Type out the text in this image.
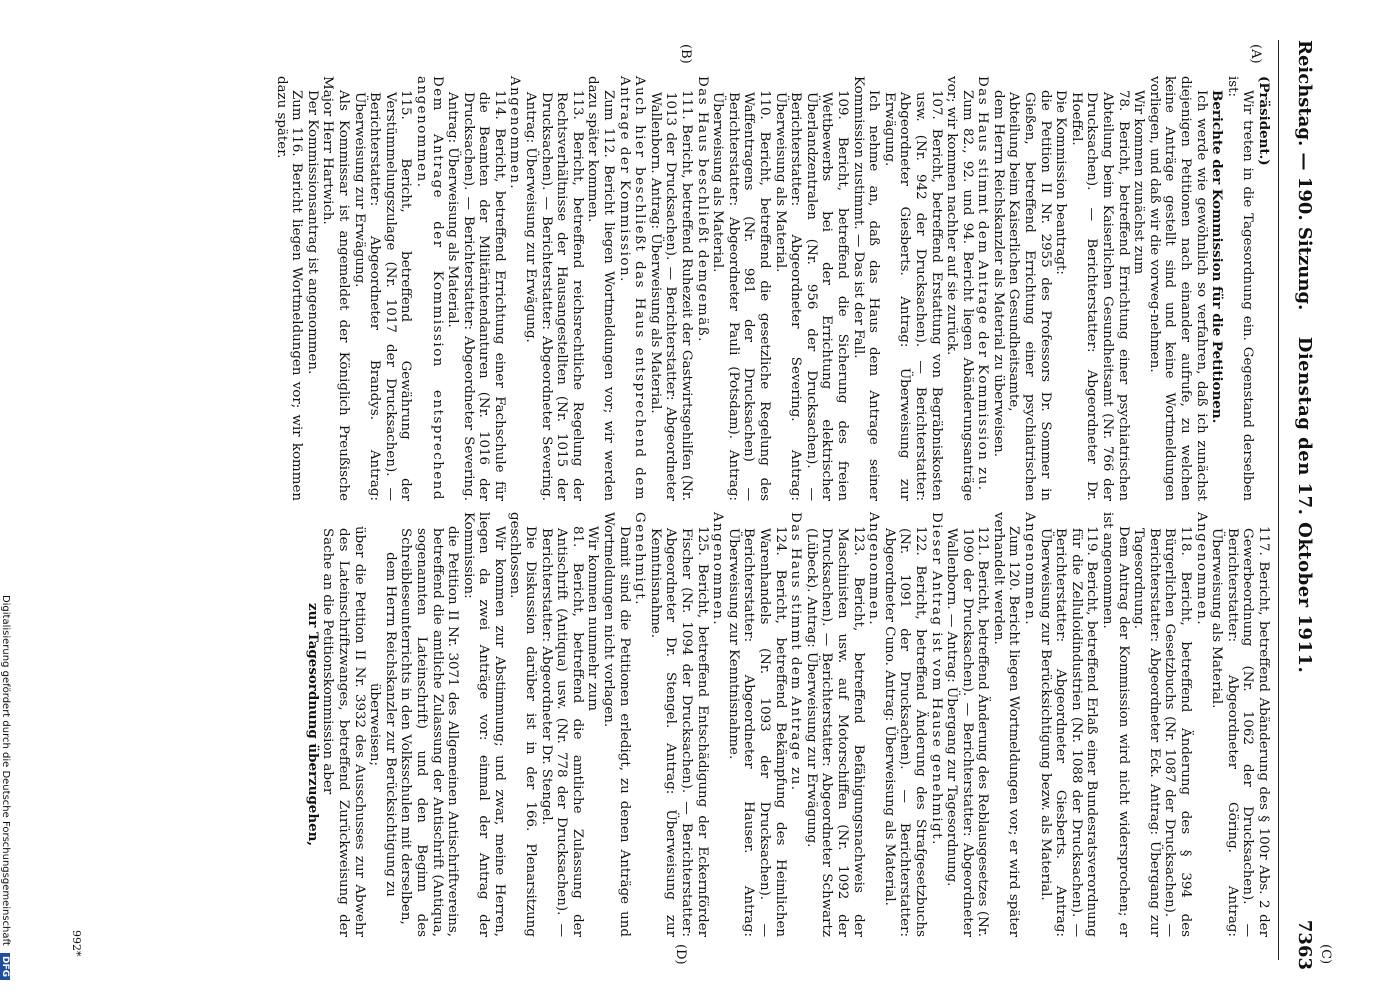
Reichstag. — 190. Sitzung.
Dienstag den 17. Oktober 1911.
7363
(A)
(B)
(C)
(D)

(Präsident.)

Wir treten in die Tagesordnung ein. Gegenstand derselben ist:

Berichte der Kommission für die Petitionen.

Ich werde wie gewöhnlich so verfahren, daß ich zunächst diejenigen Petitionen nach einander aufrufe, zu welchen keine Anträge gestellt sind und keine Wortmeldungen vorliegen, und daß wir die vorweg-nehmen.

Wir kommen zunächst zum

78. Bericht, betreffend Errichtung einer psychiatrischen Abteilung beim Kaiserlichen Gesundheitsamt (Nr. 766 der Drucksachen). — Berichterstatter: Abgeordneter Dr. Hoeffel.

Die Kommission beantragt:

die Petition II Nr. 2955 des Professors Dr. Sommer in Gießen, betreffend Errichtung einer psychiatrischen Abteilung beim Kaiserlichen Gesundheitsamte,

dem Herrn Reichskanzler als Material zu überweisen.

Das Haus stimmt dem Antrage der Kommission zu.

Zum 82., 92. und 94. Bericht liegen Abänderungsanträge vor; wir kommen nachher auf sie zurück.

107. Bericht, betreffend Erstattung von Begräbniskosten usw. (Nr. 942 der Drucksachen). — Berichterstatter: Abgeordneter Giesberts. Antrag: Überweisung zur Erwägung.

Ich nehme an, daß das Haus dem Antrage seiner Kommission zustimmt. — Das ist der Fall.

109. Bericht, betreffend die Sicherung des freien Wettbewerbs bei der Errichtung elektrischer Überlandzentralen (Nr. 956 der Drucksachen). — Berichterstatter: Abgeordneter Severing. Antrag: Überweisung als Material.

110. Bericht, betreffend die gesetzliche Regelung des Waffentragens (Nr. 981 der Drucksachen) — Berichterstatter: Abgeordneter Pauli (Potsdam). Antrag: Überweisung als Material.

Das Haus beschließt demgemäß.

111. Bericht, betreffend Ruhezeit der Gastwirtsgehilfen (Nr. 1013 der Drucksachen). — Berichterstatter: Abgeordneter Wallenborn. Antrag: Überweisung als Material.

Auch hier beschließt das Haus entsprechend dem Antrage der Kommission.

Zum 112. Bericht liegen Wortmeldungen vor; wir werden dazu später kommen.

113. Bericht, betreffend reichsrechtliche Regelung der Rechtsverhältnisse der Hausangestellten (Nr. 1015 der Drucksachen). — Berichterstatter: Abgeordneter Severing. Antrag: Überweisung zur Erwägung.

Angenommen.

114. Bericht, betreffend Errichtung einer Fachschule für die Beamten der Militärintendanturen (Nr. 1016 der Drucksachen). — Berichterstatter: Abgeordneter Severing. Antrag: Überweisung als Material.

Dem Antrage der Kommission entsprechend angenommen.

115. Bericht, betreffend Gewährung der Verstümmelungszulage (Nr. 1017 der Drucksachen). — Berichterstatter: Abgeordneter Brandys. Antrag: Überweisung zur Erwägung.

Als Kommissar ist angemeldet der Königlich Preußische Major Herr Hartwich.

Der Kommissionsantrag ist angenommen.

Zum 116. Bericht liegen Wortmeldungen vor; wir kommen dazu später.

117. Bericht, betreffend Abänderung des § 100r Abs. 2 der Gewerbeordnung (Nr. 1062 der Drucksachen). — Berichterstatter: Abgeordneter Göring. Antrag: Überweisung als Material.

Angenommen.

118. Bericht, betreffend Änderung des § 394 des Bürgerlichen Gesetzbuchs (Nr. 1087 der Drucksachen). — Berichterstatter: Abgeordneter Eck. Antrag: Übergang zur Tagesordnung.

Dem Antrag der Kommission wird nicht widersprochen; er ist angenommen.

119. Bericht, betreffend Erlaß einer Bundesratsverordnung für die Zelluloidindustrien (Nr. 1088 der Drucksachen). — Berichterstatter: Abgeordneter Giesberts. Antrag: Überweisung zur Berücksichtigung bezw. als Material.

Angenommen.

Zum 120. Bericht liegen Wortmeldungen vor; er wird später verhandelt werden.

121. Bericht, betreffend Änderung des Reblausgesetzes (Nr. 1090 der Drucksachen). — Berichterstatter: Abgeordneter Wallenborn. — Antrag: Übergang zur Tagesordnung.

Dieser Antrag ist vom Hause genehmigt.

122. Bericht, betreffend Änderung des Strafgesetzbuchs (Nr. 1091 der Drucksachen). — Berichterstatter: Abgeordneter Cuno. Antrag: Überweisung als Material.

Angenommen.

123. Bericht, betreffend Befähigungsnachweis der Maschinisten usw. auf Motorschiffen (Nr. 1092 der Drucksachen). — Berichterstatter: Abgeordneter Schwartz (Lübeck). Antrag: Überweisung zur Erwägung.

Das Haus stimmt dem Antrage zu.

124. Bericht, betreffend Bekämpfung des Heimlichen Warenhandels (Nr. 1093 der Drucksachen). — Berichterstatter: Abgeordneter Hauser. Antrag: Überweisung zur Kenntnisnahme.

Angenommen.

125. Bericht, betreffend Entschädigung der Eckernförder Fischer (Nr. 1094 der Drucksachen). — Berichterstatter: Abgeordneter Dr. Stengel. Antrag: Überweisung zur Kenntnisnahme.

Genehmigt.

Damit sind die Petitionen erledigt, zu denen Anträge und Wortmeldungen nicht vorlagen.

Wir kommen nunmehr zum

81. Bericht, betreffend die amtliche Zulassung der Antischrift (Antiqua) usw. (Nr. 778 der Drucksachen). — Berichterstatter: Abgeordneter Dr. Stengel.

Die Diskussion darüber ist in der 166. Plenarsitzung geschlossen.

Wir kommen zur Abstimmung; und zwar, meine Herren, liegen da zwei Anträge vor: einmal der Antrag der Kommission:

die Petition II Nr. 3071 des Allgemeinen Antischriftvereins, betreffend die amtliche Zulassung der Antischrift (Antiqua, sogenannten Lateinschrift) und den Beginn des Schreibleseunterrichts in den Volksschulen mit derselben,

dem Herrn Reichskanzler zur Berücksichtigung zu überweisen;

über die Petition II Nr. 3932 des Ausschusses zur Abwehr des Lateinschriftzwanges, betreffend Zurückweisung der Sache an die Petitionskommission aber

zur Tagesordnung überzugehen,

992*
Digitalisierung gefördert durch die Deutsche Forschungsgemeinschaft DFG
